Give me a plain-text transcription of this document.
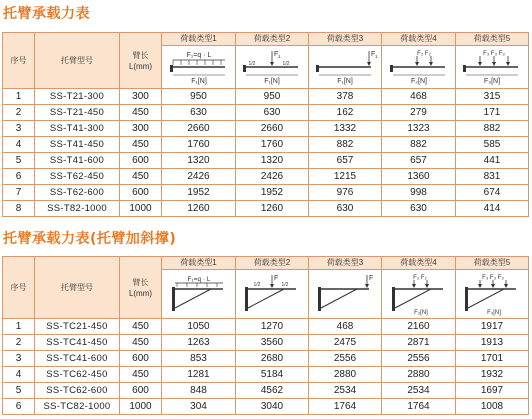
托臂承载力表
序号	托臂型号	臂长
L(mm)	荷载类型1	荷载类型2	荷载类型3	荷载类型4	荷载类型5

F₁=q · L
F₁[N]	F 1
1/2 1/2
F₁[N]	F 1
F₁[N]	F₂ F₂
F₂[N]	F₃ F₃ F₃
F₃[N]

1	SS-T21-300	300	950	950	378	468	315
2	SS-T21-450	450	630	630	162	279	171
3	SS-T41-300	300	2660	2660	1332	1323	882
4	SS-T41-450	450	1760	1760	882	882	585
5	SS-T41-600	600	1320	1320	657	657	441
6	SS-T62-450	450	2426	2426	1215	1360	831
7	SS-T62-600	600	1952	1952	976	998	674
8	SS-T82-1000	1000	1260	1260	630	630	414
托臂承载力表(托臂加斜撑)
序号	托臂型号	臂长
L(mm)	荷载类型1	荷载类型2	荷载类型3	荷载类型4	荷载类型5

F₁=q · L	F
1/2 1/2	F	F₂ F₂
F₂[N]	F₃ F₃ F₃
F₃[N]

1	SS-TC21-450	450	1050	1270	468	2160	1917
2	SS-TC41-450	450	1263	3560	2475	2871	1913
3	SS-TC41-600	600	853	2680	2556	2556	1701
4	SS-TC62-450	450	1281	5184	2880	2880	1932
5	SS-TC62-600	600	848	4562	2534	2534	1697
6	SS-TC82-1000	1000	304	3040	1764	1764	1008
